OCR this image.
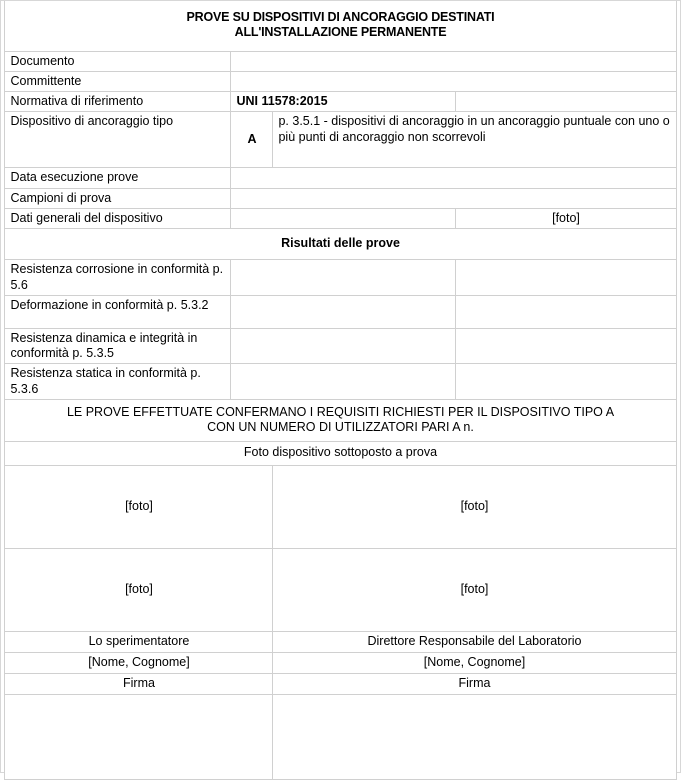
PROVE SU DISPOSITIVI DI ANCORAGGIO DESTINATI
ALL'INSTALLAZIONE PERMANENTE			

Documento			
Committente			
Normativa di riferimento	UNI 11578:2015		
Dispositivo di ancoraggio tipo	A	p. 3.5.1 - dispositivi di ancoraggio in un ancoraggio puntuale con uno o più punti di ancoraggio non scorrevoli	
Data esecuzione prove			
Campioni di prova			
Dati generali del dispositivo			[foto]
Risultati delle prove			
Resistenza corrosione in conformità p. 5.6			
Deformazione in conformità p. 5.3.2			
Resistenza dinamica e integrità in conformità p. 5.3.5			
Resistenza statica in conformità p. 5.3.6			

LE PROVE EFFETTUATE CONFERMANO I REQUISITI RICHIESTI PER IL DISPOSITIVO TIPO A
CON UN NUMERO DI UTILIZZATORI PARI A n.			

Foto dispositivo sottoposto a prova			
[foto]		[foto]	
[foto]		[foto]	
Lo sperimentatore		Direttore Responsabile del Laboratorio	
[Nome, Cognome]		[Nome, Cognome]	
Firma		Firma	
